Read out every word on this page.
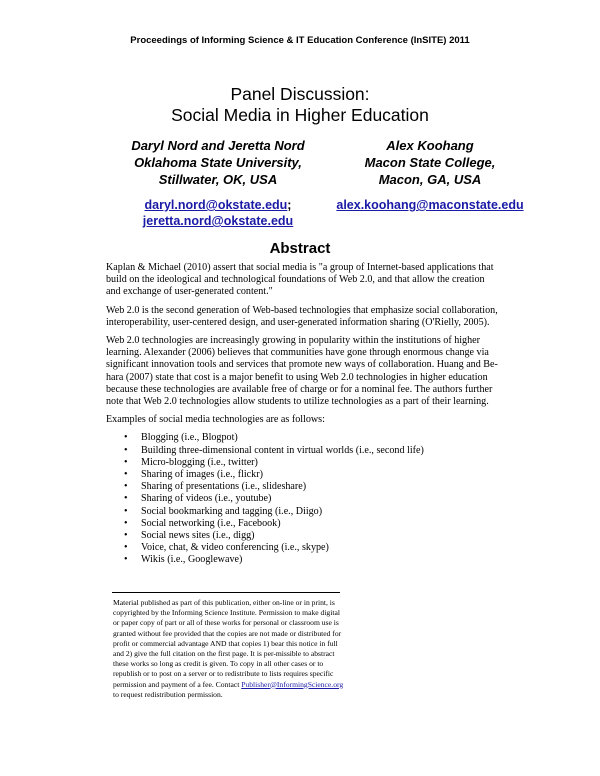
Proceedings of Informing Science & IT Education Conference (InSITE) 2011
Panel Discussion:
Social Media in Higher Education
Daryl Nord and Jeretta Nord
Oklahoma State University,
Stillwater, OK, USA
Alex Koohang
Macon State College,
Macon, GA, USA
daryl.nord@okstate.edu;
jeretta.nord@okstate.edu
alex.koohang@maconstate.edu
Abstract

Kaplan & Michael (2010) assert that social media is "a group of Internet-based applications that build on the ideological and technological foundations of Web 2.0, and that allow the creation and exchange of user-generated content."

Web 2.0 is the second generation of Web-based technologies that emphasize social collaboration, interoperability, user-centered design, and user-generated information sharing (O'Rielly, 2005).

Web 2.0 technologies are increasingly growing in popularity within the institutions of higher learning. Alexander (2006) believes that communities have gone through enormous change via significant innovation tools and services that promote new ways of collaboration. Huang and Be-hara (2007) state that cost is a major benefit to using Web 2.0 technologies in higher education because these technologies are available free of charge or for a nominal fee. The authors further note that Web 2.0 technologies allow students to utilize technologies as a part of their learning.

Examples of social media technologies are as follows:

• Blogging (i.e., Blogpot)
• Building three-dimensional content in virtual worlds (i.e., second life)
• Micro-blogging (i.e., twitter)
• Sharing of images (i.e., flickr)
• Sharing of presentations (i.e., slideshare)
• Sharing of videos (i.e., youtube)
• Social bookmarking and tagging (i.e., Diigo)
• Social networking (i.e., Facebook)
• Social news sites (i.e., digg)
• Voice, chat, & video conferencing (i.e., skype)
• Wikis (i.e., Googlewave)

Material published as part of this publication, either on-line or in print, is copyrighted by the Informing Science Institute. Permission to make digital or paper copy of part or all of these works for personal or classroom use is granted without fee provided that the copies are not made or distributed for profit or commercial advantage AND that copies 1) bear this notice in full and 2) give the full citation on the first page. It is per-missible to abstract these works so long as credit is given. To copy in all other cases or to republish or to post on a server or to redistribute to lists requires specific permission and payment of a fee. Contact Publisher@InformingScience.org to request redistribution permission.
